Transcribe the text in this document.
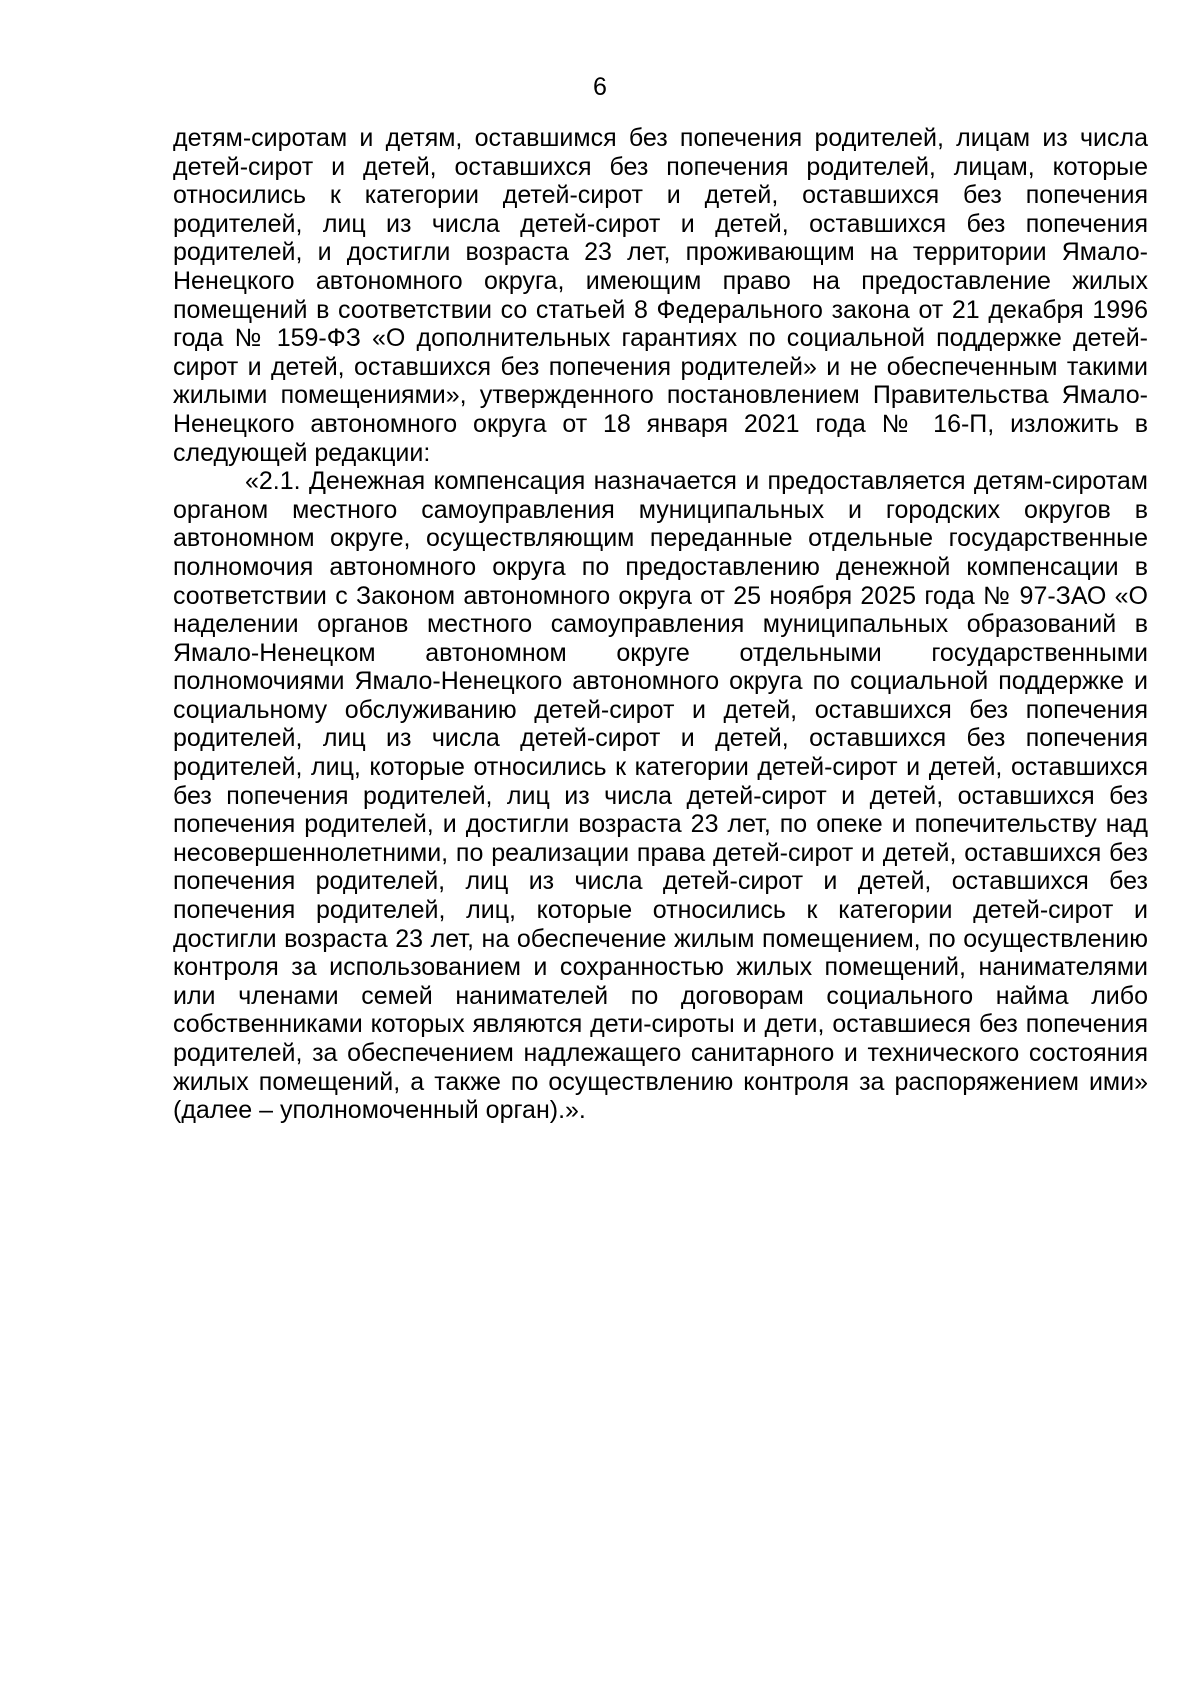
6

детям-сиротам и детям, оставшимся без попечения родителей, лицам из числа детей-сирот и детей, оставшихся без попечения родителей, лицам, которые относились к категории детей-сирот и детей, оставшихся без попечения родителей, лиц из числа детей-сирот и детей, оставшихся без попечения родителей, и достигли возраста 23 лет, проживающим на территории Ямало-Ненецкого автономного округа, имеющим право на предоставление жилых помещений в соответствии со статьей 8 Федерального закона от 21 декабря 1996 года № 159-ФЗ «О дополнительных гарантиях по социальной поддержке детей-сирот и детей, оставшихся без попечения родителей» и не обеспеченным такими жилыми помещениями», утвержденного постановлением Правительства Ямало-Ненецкого автономного округа от 18 января 2021 года № 16-П, изложить в следующей редакции:

«2.1. Денежная компенсация назначается и предоставляется детям-сиротам органом местного самоуправления муниципальных и городских округов в автономном округе, осуществляющим переданные отдельные государственные полномочия автономного округа по предоставлению денежной компенсации в соответствии с Законом автономного округа от 25 ноября 2025 года № 97-ЗАО «О наделении органов местного самоуправления муниципальных образований в Ямало-Ненецком автономном округе отдельными государственными полномочиями Ямало-Ненецкого автономного округа по социальной поддержке и социальному обслуживанию детей-сирот и детей, оставшихся без попечения родителей, лиц из числа детей-сирот и детей, оставшихся без попечения родителей, лиц, которые относились к категории детей-сирот и детей, оставшихся без попечения родителей, лиц из числа детей-сирот и детей, оставшихся без попечения родителей, и достигли возраста 23 лет, по опеке и попечительству над несовершеннолетними, по реализации права детей-сирот и детей, оставшихся без попечения родителей, лиц из числа детей-сирот и детей, оставшихся без попечения родителей, лиц, которые относились к категории детей-сирот и достигли возраста 23 лет, на обеспечение жилым помещением, по осуществлению контроля за использованием и сохранностью жилых помещений, нанимателями или членами семей нанимателей по договорам социального найма либо собственниками которых являются дети-сироты и дети, оставшиеся без попечения родителей, за обеспечением надлежащего санитарного и технического состояния жилых помещений, а также по осуществлению контроля за распоряжением ими» (далее – уполномоченный орган).».
